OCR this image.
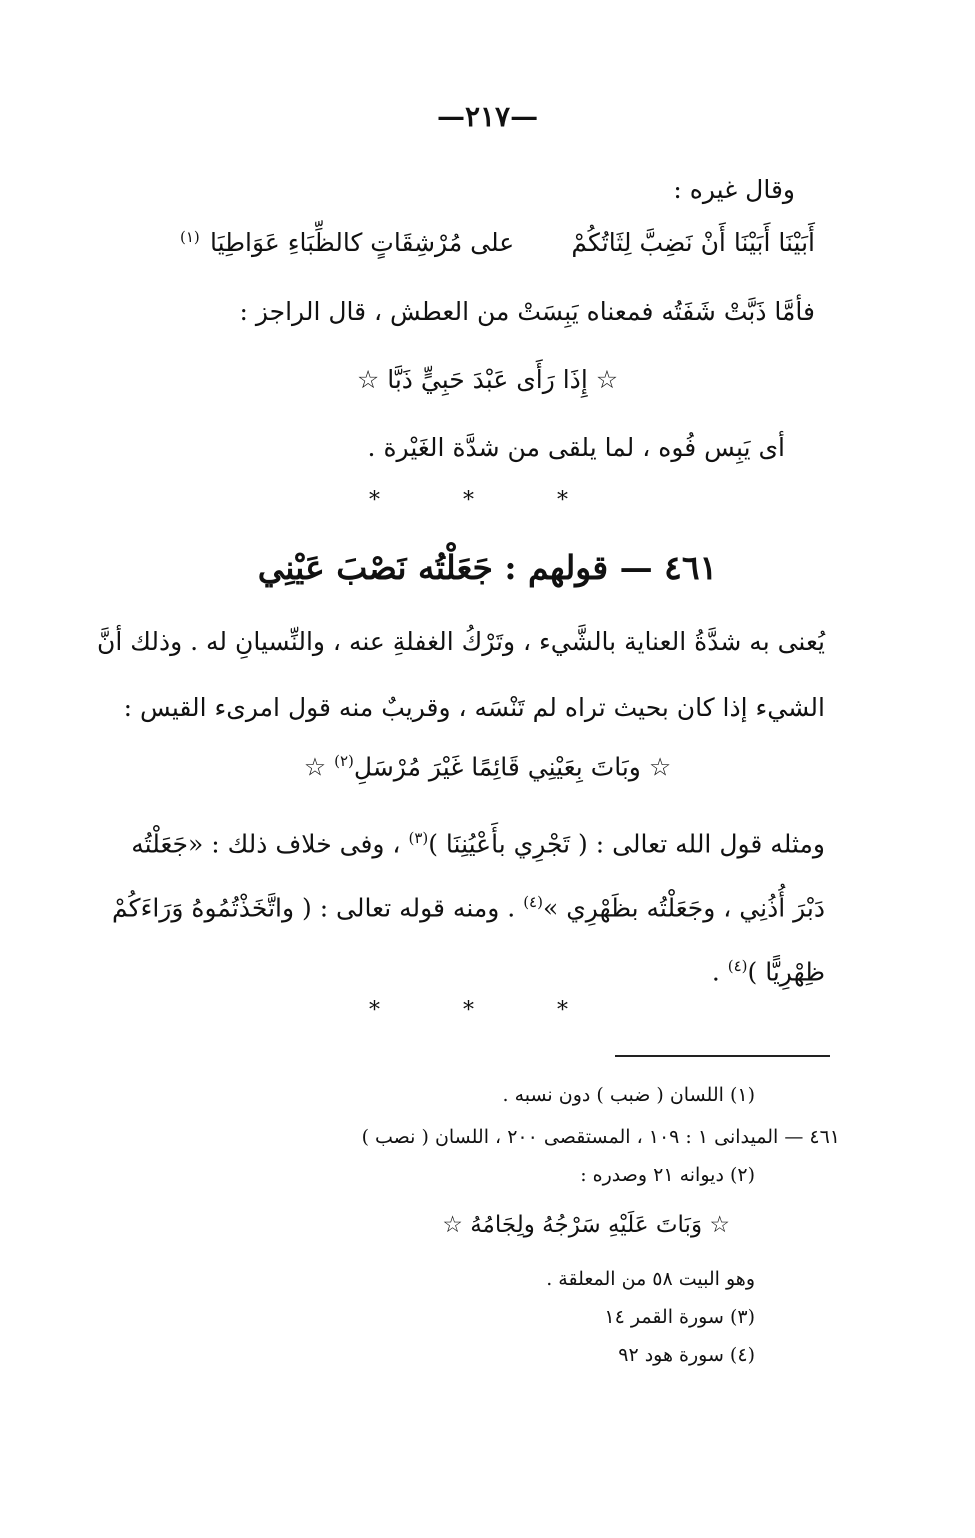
—٢١٧—
وقال غيره :
أَبَيْنَا أَبَيْنَا أَنْ نَضِبَّ لِثَاتُكُمْ
على مُرْشِقَاتٍ كالظِّبَاءِ عَوَاطِيَا
(١)
فأمَّا ذَبَّتْ شَفَتُه فمعناه يَبِسَتْ من العطش ، قال الراجز :
☆ إِذَا رَأَى عَبْدَ حَبِيٍّ ذَبَّا ☆
أى يَبِس فُوه ، لما يلقى من شدَّة الغَيْرة .
* * *
٤٦١ — قولهم : جَعَلْتُه نَصْبَ عَيْنِي
يُعنى به شدَّةُ العناية بالشَّيء ، وتَرْكُ الغفلةِ عنه ، والنِّسيانِ له . وذلك أنَّ
الشيء إذا كان بحيث تراه لم تَنْسَه ، وقريبٌ منه قول امرىء القيس :
☆ وبَاتَ بِعَيْنِي قَائِمًا غَيْرَ مُرْسَلِ$^{(٢)}$ ☆
ومثله قول الله تعالى : ( تَجْرِي بأَعْيُنِنَا )$^{(٣)}$ ، وفى خلاف ذلك : «جَعَلْتُه
دَبْرَ أُذُنِي ، وجَعَلْتُه بظَهْرِي »$^{(٤)}$ . ومنه قوله تعالى : ( واتَّخَذْتُمُوهُ وَرَاءَكُمْ
ظِهْرِيًّا )$^{(٤)}$ .
* * *
(١) اللسان ( ضبب ) دون نسبه .
٤٦١ — الميدانى ١ : ١٠٩ ، المستقصى ٢٠٠ ، اللسان ( نصب )
(٢) ديوانه ٢١ وصدره :
☆ وَبَاتَ عَلَيْهِ سَرْجُهُ ولِجَامُهُ ☆
وهو البيت ٥٨ من المعلقة .
(٣) سورة القمر ١٤
(٤) سورة هود ٩٢
